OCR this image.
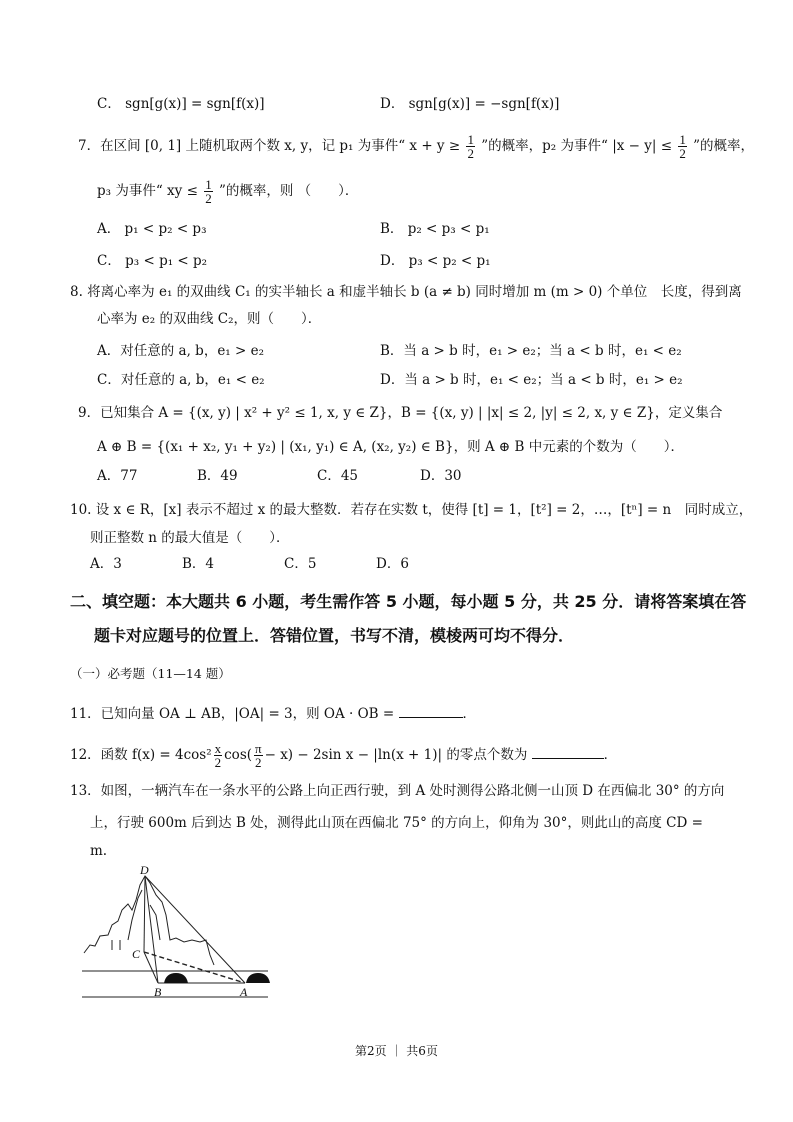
C． sgn[g(x)] = sgn[f(x)]	D． sgn[g(x)] = −sgn[f(x)]
7．在区间 [0, 1] 上随机取两个数 x, y，记 p₁ 为事件“ $x + y \ge \frac{1}{2}$ ”的概率，p₂ 为事件“ $|x - y| \le \frac{1}{2}$ ”的概率，
p₃ 为事件“ xy ≤ $\frac{1}{2}$ ”的概率，则 （　　）．
A． p₁ < p₂ < p₃	B． p₂ < p₃ < p₁
C． p₃ < p₁ < p₂	D． p₃ < p₂ < p₁
8. 将离心率为 e₁ 的双曲线 C₁ 的实半轴长 a 和虚半轴长 b (a ≠ b) 同时增加 m (m > 0) 个单位　长度，得到离
心率为 e₂ 的双曲线 C₂，则（　　）．
A．对任意的 a, b，e₁ > e₂	B．当 a > b 时，e₁ > e₂；当 a < b 时，e₁ < e₂
C．对任意的 a, b，e₁ < e₂	D．当 a > b 时，e₁ < e₂；当 a < b 时，e₁ > e₂
9．已知集合 A = {(x, y) | x² + y² ≤ 1, x, y ∈ Z}，B = {(x, y) | |x| ≤ 2, |y| ≤ 2, x, y ∈ Z}，定义集合
A ⊕ B = {(x₁ + x₂, y₁ + y₂) | (x₁, y₁) ∈ A, (x₂, y₂) ∈ B}，则 A ⊕ B 中元素的个数为（　　）．
A．77	B．49	C．45	D．30
10. 设 x ∈ R，[x] 表示不超过 x 的最大整数．若存在实数 t，使得 [t] = 1，[t²] = 2，…，[tⁿ] = n　同时成立，
则正整数 n 的最大值是（　　）．
A．3	B．4	C．5	D．6
二、填空题：本大题共 6 小题，考生需作答 5 小题，每小题 5 分，共 25 分．请将答案填在答
题卡对应题号的位置上．答错位置，书写不清，模棱两可均不得分．
（一）必考题（11—14 题）
11．已知向量 OA ⊥ AB，|OA| = 3，则 OA · OB =	．
12．函数 $f(x) = 4\cos^2 \frac{x}{2} \cos( \frac{\pi}{2} - x) - 2\sin$ x − |ln(x + 1)| 的零点个数为	．
13．如图，一辆汽车在一条水平的公路上向正西行驶，到 A 处时测得公路北侧一山顶 D 在西偏北 30° 的方向
上，行驶 600m 后到达 B 处，测得此山顶在西偏北 75° 的方向上，仰角为 30°，则此山的高度 CD =
m.
D
C
B	A
第2页 ｜ 共6页
